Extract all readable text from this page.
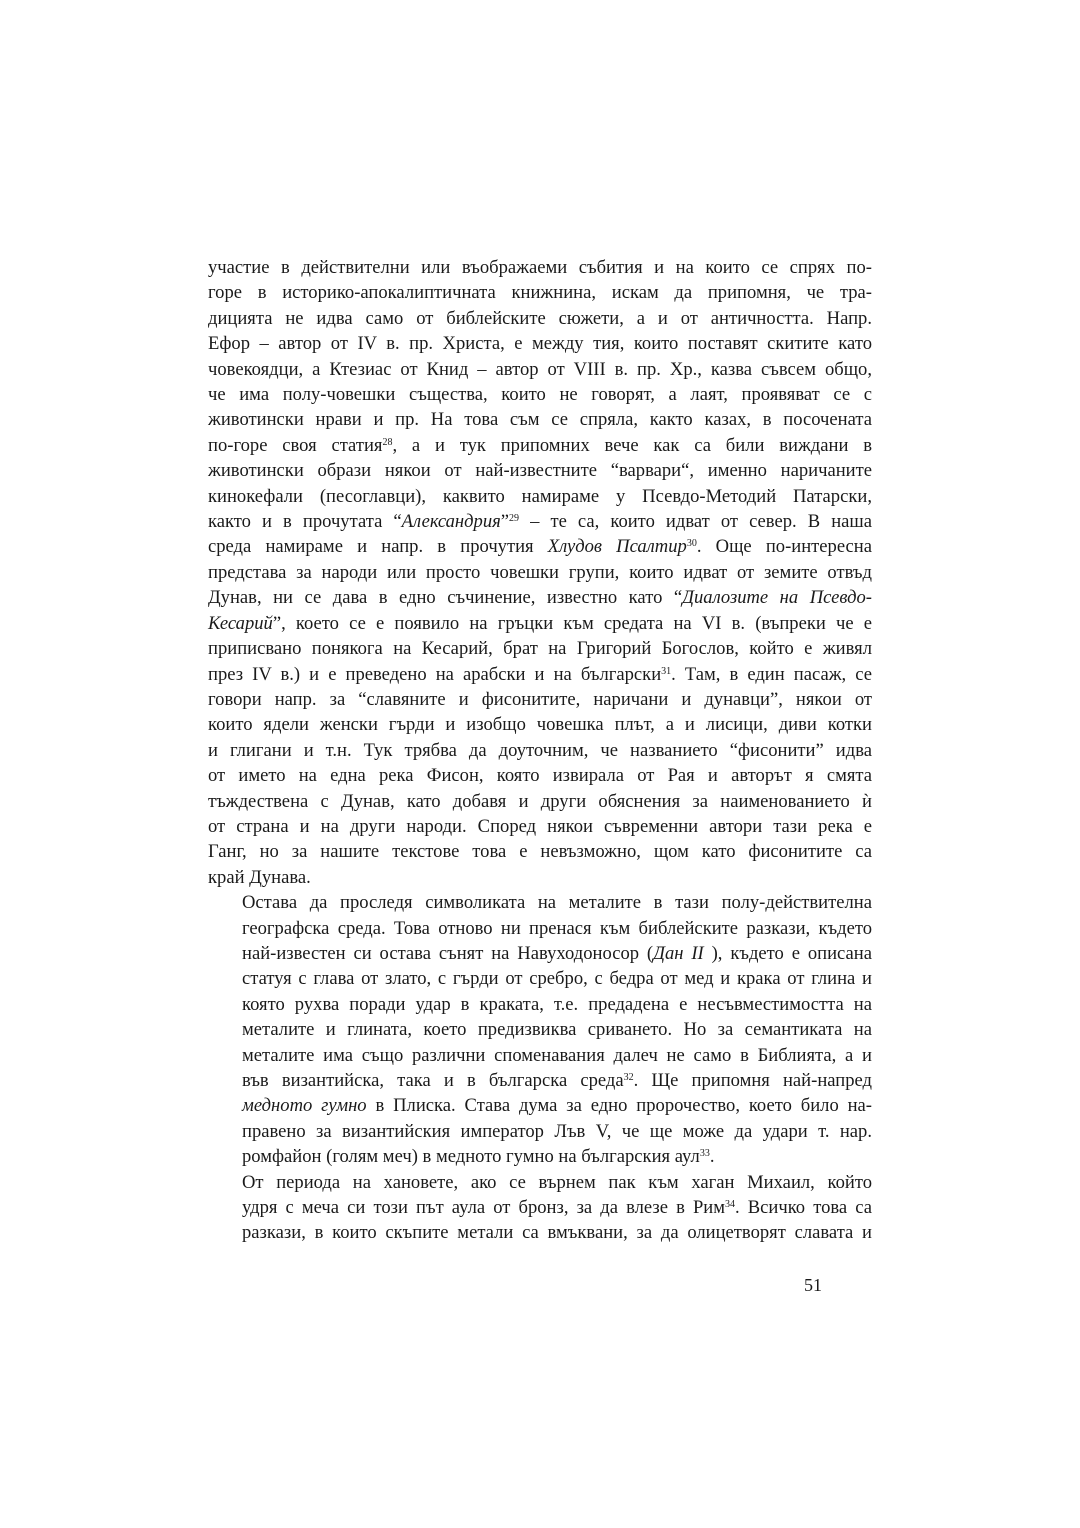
участие в действителни или въображаеми събития и на които се спрях по-
горе в историко-апокалиптичната книжнина, искам да припомня, че тра-
дицията не идва само от библейските сюжети, а и от античността. Напр.
Ефор – автор от IV в. пр. Христа, е между тия, които поставят скитите като
човекоядци, а Ктезиас от Книд – автор от VIII в. пр. Хр., казва съвсем общо,
че има полу-човешки същества, които не говорят, а лаят, проявяват се с
животински нрави и пр. На това съм се спряла, както казах, в посочената
по-горе своя статия$^{28}$, а и тук припомних вече как са били виждани в
животински образи някои от най-известните “варвари“, именно наричаните
кинокефали (песоглавци), каквито намираме у Псевдо-Методий Патарски,
както и в прочутата “Александрия”$^{29}$ – те са, които идват от север. В наша
среда намираме и напр. в прочутия Хлудов Псалтир$^{30}$. Още по-интересна
представа за народи или просто човешки групи, които идват от земите отвъд
Дунав, ни се дава в едно съчинение, известно като “Диалозите на Псевдо-
Кесарий”, което се е появило на гръцки към средата на VI в. (въпреки че е
приписвано понякога на Кесарий, брат на Григорий Богослов, който е живял
през IV в.) и е преведено на арабски и на български$^{31}$. Там, в един пасаж, се
говори напр. за “славяните и фисонитите, наричани и дунавци”, някои от
които ядели женски гърди и изобщо човешка плът, а и лисици, диви котки
и глигани и т.н. Тук трябва да доуточним, че названието “фисонити” идва
от името на една река Фисон, която извирала от Рая и авторът я смята
тъждествена с Дунав, като добавя и други обяснения за наименованието ѝ
от страна и на други народи. Според някои съвременни автори тази река е
Ганг, но за нашите текстове това е невъзможно, щом като фисонитите са
край Дунава.

Остава да проследя символиката на металите в тази полу-действителна
географска среда. Това отново ни пренася към библейските разкази, където
най-известен си остава сънят на Навуходоносор (Дан II ), където е описана
статуя с глава от злато, с гърди от сребро, с бедра от мед и крака от глина и
която рухва поради удар в краката, т.е. предадена е несъвместимостта на
металите и глината, което предизвиква сриването. Но за семантиката на
металите има също различни споменавания далеч не само в Библията, а и
във византийска, така и в българска среда$^{32}$. Ще припомня най-напред
медното гумно в Плиска. Става дума за едно пророчество, което било на-
правено за византийския император Лъв V, че ще може да удари т. нар.
ромфайон (голям меч) в медното гумно на българския аул$^{33}$.

От периода на хановете, ако се върнем пак към хаган Михаил, който
удря с меча си този път аула от бронз, за да влезе в Рим$^{34}$. Всичко това са
разкази, в които скъпите метали са вмъквани, за да олицетворят славата и

51
